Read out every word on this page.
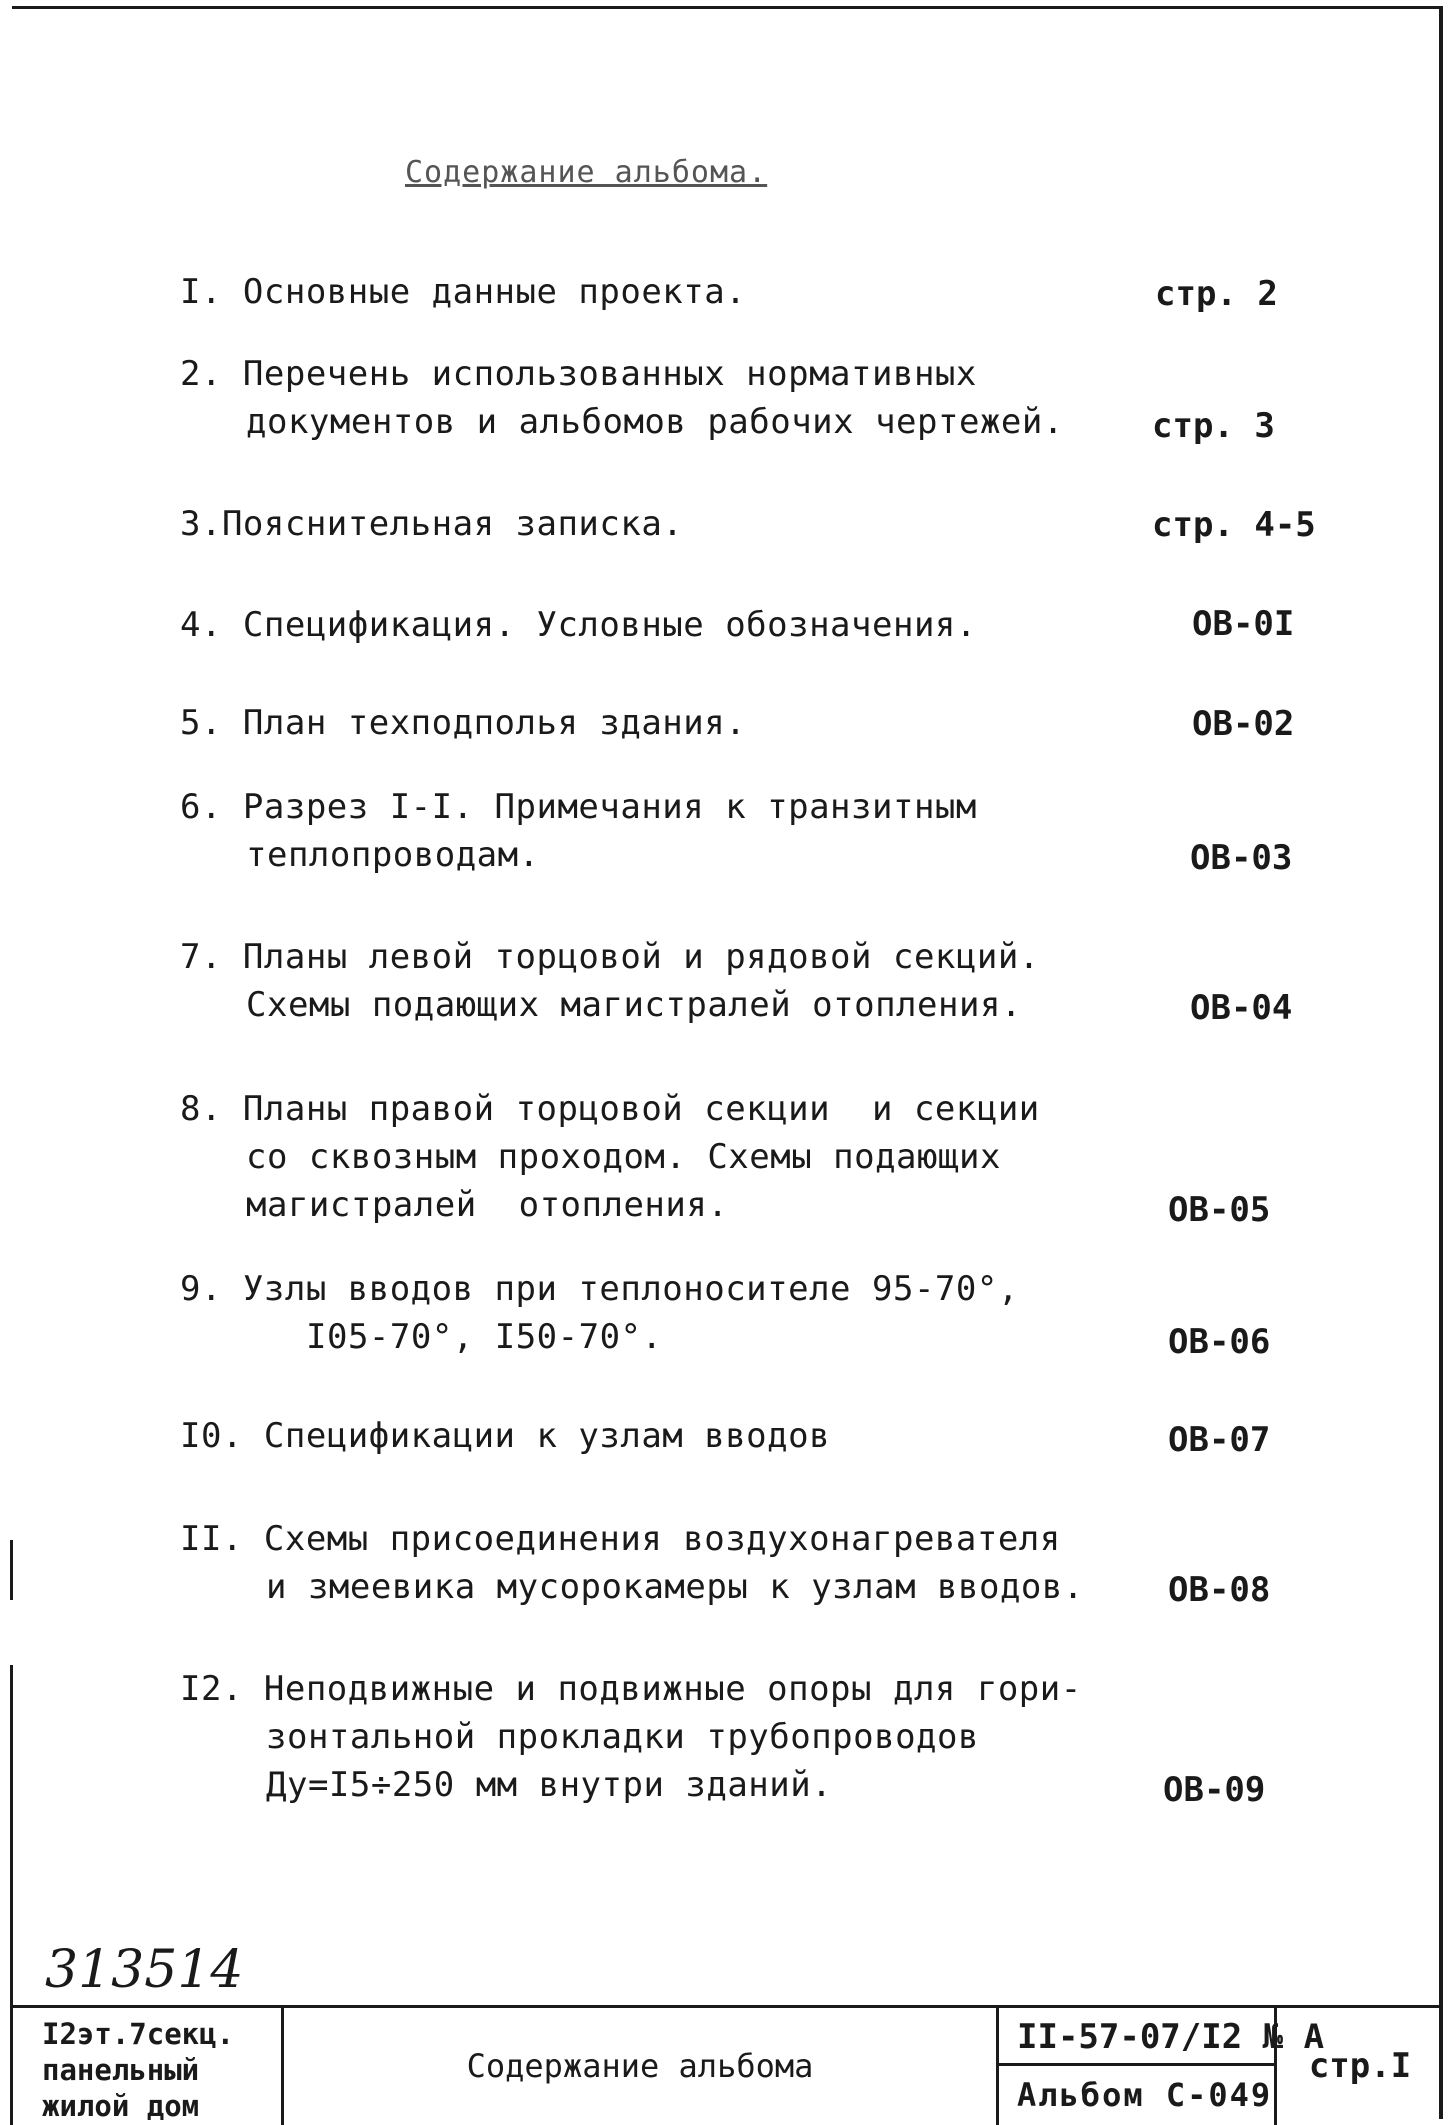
Содержание альбома.
I. Основные данные проекта.	стр. 2
2. Перечень использованных нормативных
документов и альбомов рабочих чертежей.	стр. 3
3.Пояснительная записка.	стр. 4-5
4. Спецификация. Условные обозначения.	ОВ-0I
5. План техподполья здания.	ОВ-02
6. Разрез I-I. Примечания к транзитным
теплопроводам.	ОВ-03
7. Планы левой торцовой и рядовой секций.
Схемы подающих магистралей отопления.	ОВ-04
8. Планы правой торцовой секции  и секции
со сквозным проходом. Схемы подающих
магистралей  отопления.	ОВ-05
9. Узлы вводов при теплоносителе 95-70°,
I05-70°, I50-70°.	ОВ-06
I0. Спецификации к узлам вводов	ОВ-07
II. Схемы присоединения воздухонагревателя
и змеевика мусорокамеры к узлам вводов. ОВ-08
I2. Неподвижные и подвижные опоры для гори-
зонтальной прокладки трубопроводов
Ду=I5÷250 мм внутри зданий.	ОВ-09
313514
I2эт.7секц.
панельный
жилой дом
Содержание альбома
II-57-07/I2 № А
Альбом С-049
стр.I
